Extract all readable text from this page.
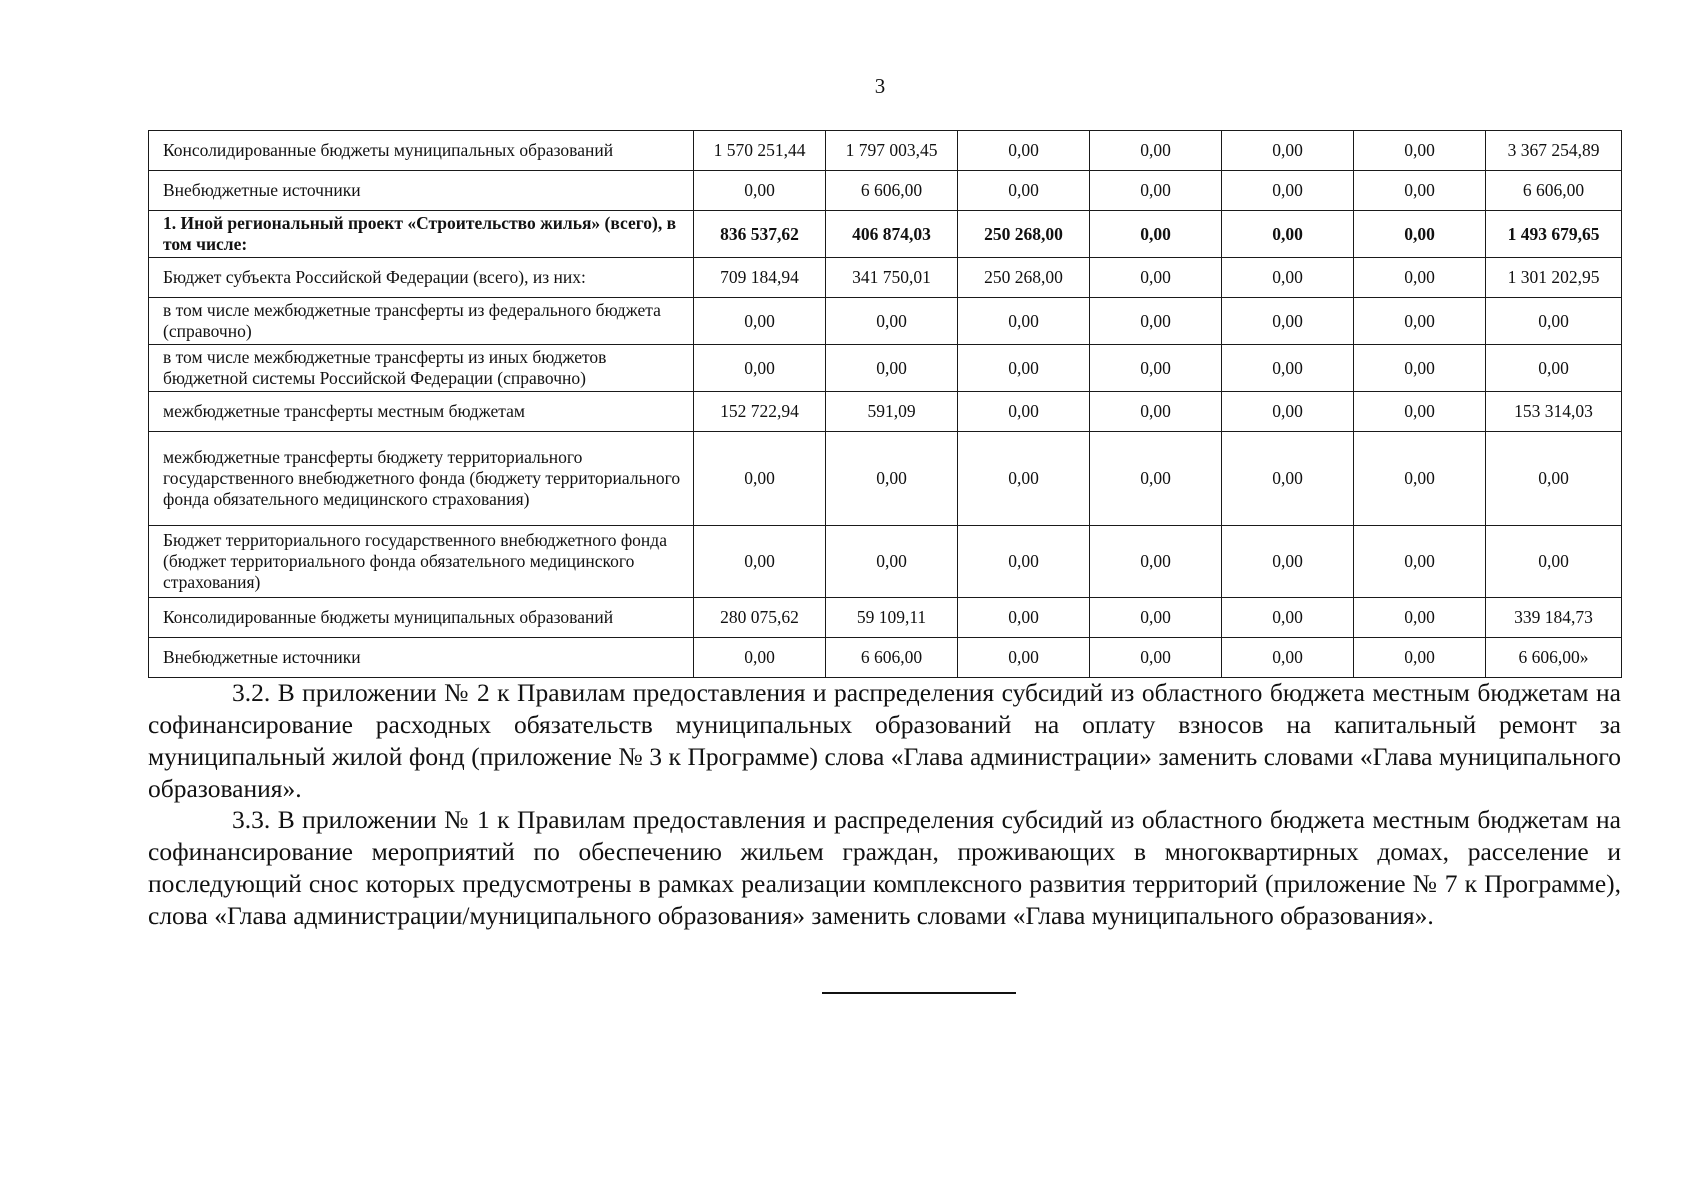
3
Консолидированные бюджеты муниципальных образований	1 570 251,44	1 797 003,45	0,00	0,00	0,00	0,00	3 367 254,89
Внебюджетные источники	0,00	6 606,00	0,00	0,00	0,00	0,00	6 606,00
1. Иной региональный проект «Строительство жилья» (всего), в том числе:	836 537,62	406 874,03	250 268,00	0,00	0,00	0,00	1 493 679,65
Бюджет субъекта Российской Федерации (всего), из них:	709 184,94	341 750,01	250 268,00	0,00	0,00	0,00	1 301 202,95
в том числе межбюджетные трансферты из федерального бюджета (справочно)	0,00	0,00	0,00	0,00	0,00	0,00	0,00
в том числе межбюджетные трансферты из иных бюджетов бюджетной системы Российской Федерации (справочно)	0,00	0,00	0,00	0,00	0,00	0,00	0,00
межбюджетные трансферты местным бюджетам	152 722,94	591,09	0,00	0,00	0,00	0,00	153 314,03
межбюджетные трансферты бюджету территориального государственного внебюджетного фонда (бюджету территориального фонда обязательного медицинского страхования)	0,00	0,00	0,00	0,00	0,00	0,00	0,00
Бюджет территориального государственного внебюджетного фонда (бюджет территориального фонда обязательного медицинского страхования)	0,00	0,00	0,00	0,00	0,00	0,00	0,00
Консолидированные бюджеты муниципальных образований	280 075,62	59 109,11	0,00	0,00	0,00	0,00	339 184,73
Внебюджетные источники	0,00	6 606,00	0,00	0,00	0,00	0,00	6 606,00»

3.2. В приложении № 2 к Правилам предоставления и распределения субсидий из областного бюджета местным бюджетам на софинансирование расходных обязательств муниципальных образований на оплату взносов на капитальный ремонт за муниципальный жилой фонд (приложение № 3 к Программе) слова «Глава администрации» заменить словами «Глава муниципального образования».

3.3. В приложении № 1 к Правилам предоставления и распределения субсидий из областного бюджета местным бюджетам на софинансирование мероприятий по обеспечению жильем граждан, проживающих в многоквартирных домах, расселение и последующий снос которых предусмотрены в рамках реализации комплексного развития территорий (приложение № 7 к Программе), слова «Глава администрации/муниципального образования» заменить словами «Глава муниципального образования».
